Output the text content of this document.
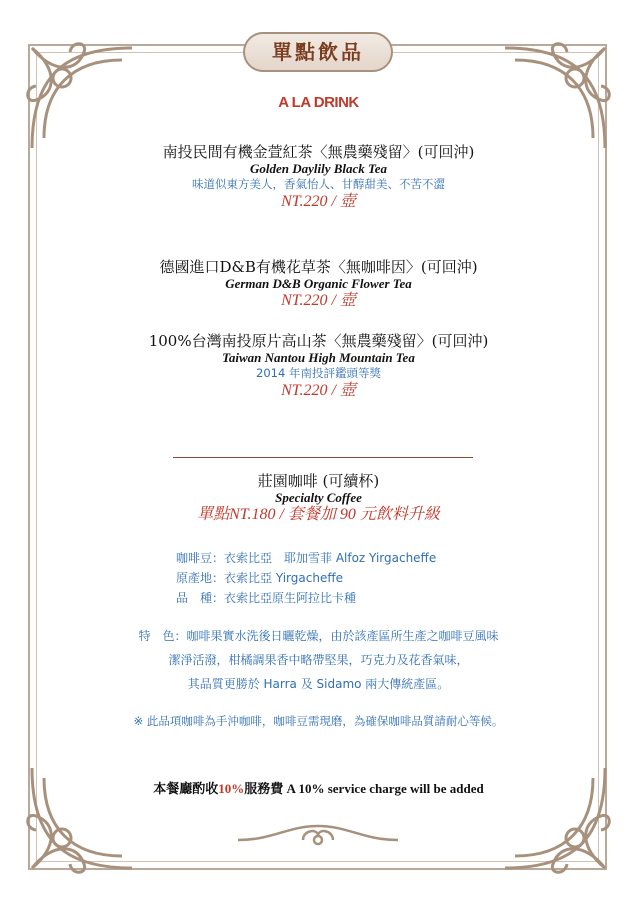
單點飲品
A LA DRINK
南投民間有機金萱紅茶〈無農藥殘留〉(可回沖)
Golden Daylily Black Tea
味道似東方美人，香氣怡人、甘醇甜美、不苦不澀
NT.220 / 壺
德國進口D&B有機花草茶〈無咖啡因〉(可回沖)
German D&B Organic Flower Tea
NT.220 / 壺
100%台灣南投原片高山茶〈無農藥殘留〉(可回沖)
Taiwan Nantou High Mountain Tea
2014 年南投評鑑頭等獎
NT.220 / 壺
莊園咖啡 (可續杯)
Specialty Coffee
單點NT.180 / 套餐加 90 元飲料升級
咖啡豆：衣索比亞　耶加雪菲 Alfoz Yirgacheffe
原產地：衣索比亞 Yirgacheffe
品　種：衣索比亞原生阿拉比卡種
特　色：咖啡果實水洗後日曬乾燥，由於該產區所生產之咖啡豆風味
潔淨活潑，柑橘調果香中略帶堅果，巧克力及花香氣味，
其品質更勝於 Harra 及 Sidamo 兩大傳統產區。
※ 此品項咖啡為手沖咖啡，咖啡豆需現磨，為確保咖啡品質請耐心等候。
本餐廳酌收10%服務費 A 10% service charge will be added
